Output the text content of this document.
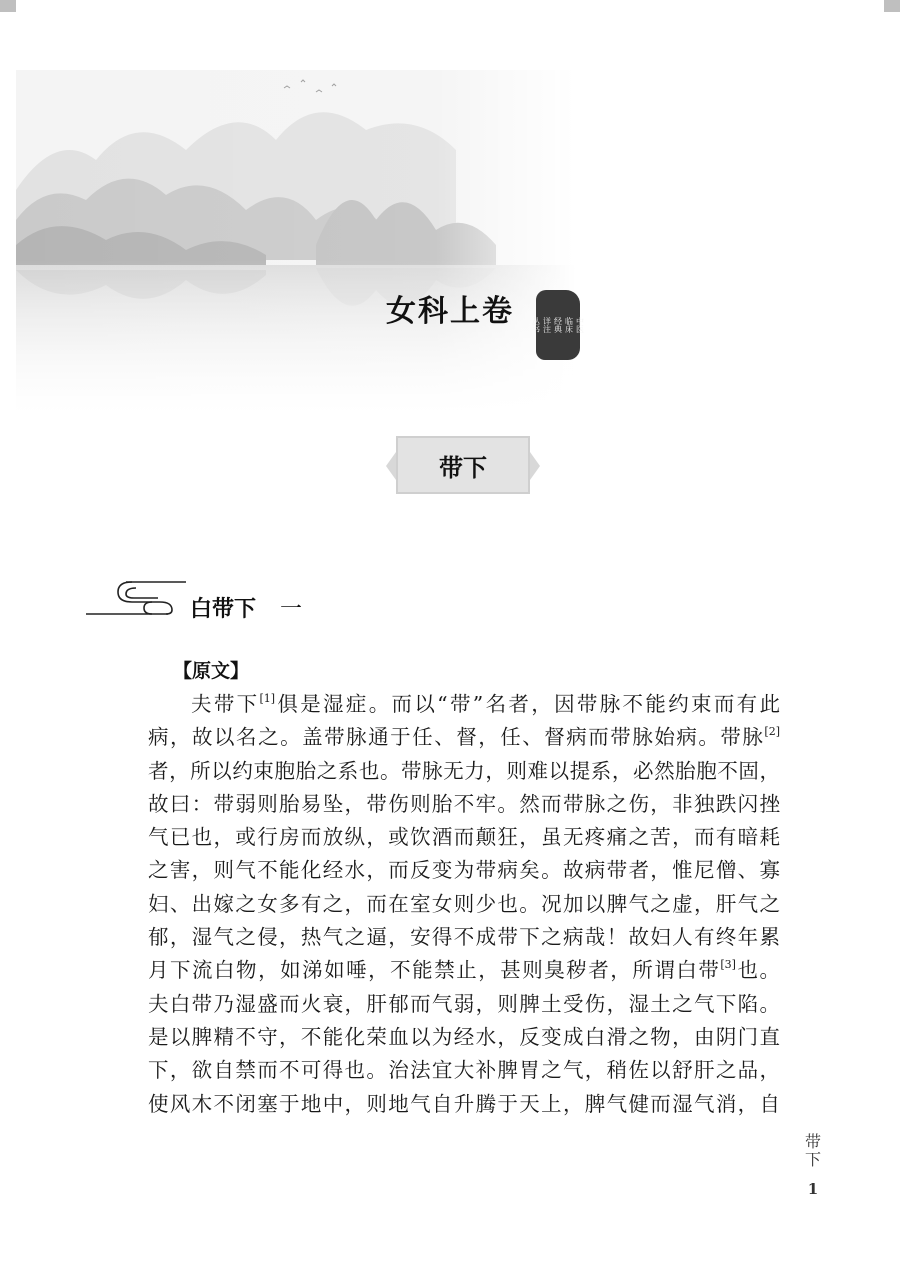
女科上卷	中医
临床
经典
详注
丛书
带下
白带下 一
【原文】
夫带下[1]俱是湿症。而以“带”名者，因带脉不能约束而有此
病，故以名之。盖带脉通于任、督，任、督病而带脉始病。带脉[2]
者，所以约束胞胎之系也。带脉无力，则难以提系，必然胎胞不固，
故曰：带弱则胎易坠，带伤则胎不牢。然而带脉之伤，非独跌闪挫
气已也，或行房而放纵，或饮酒而颠狂，虽无疼痛之苦，而有暗耗
之害，则气不能化经水，而反变为带病矣。故病带者，惟尼僧、寡
妇、出嫁之女多有之，而在室女则少也。况加以脾气之虚，肝气之
郁，湿气之侵，热气之逼，安得不成带下之病哉！故妇人有终年累
月下流白物，如涕如唾，不能禁止，甚则臭秽者，所谓白带[3]也。
夫白带乃湿盛而火衰，肝郁而气弱，则脾土受伤，湿土之气下陷。
是以脾精不守，不能化荣血以为经水，反变成白滑之物，由阴门直
下，欲自禁而不可得也。治法宜大补脾胃之气，稍佐以舒肝之品，
使风木不闭塞于地中，则地气自升腾于天上，脾气健而湿气消，自
带下
1
